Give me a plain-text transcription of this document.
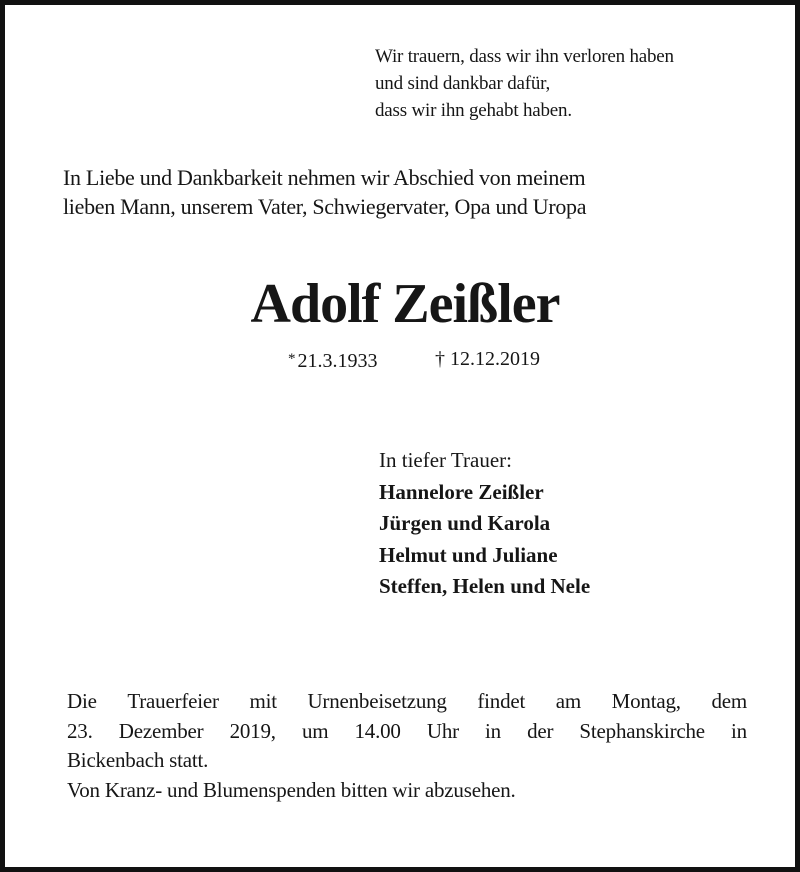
Wir trauern, dass wir ihn verloren haben
und sind dankbar dafür,
dass wir ihn gehabt haben.
In Liebe und Dankbarkeit nehmen wir Abschied von meinem
lieben Mann, unserem Vater, Schwiegervater, Opa und Uropa
Adolf Zeißler
* 21.3.1933	† 12.12.2019
In tiefer Trauer:
Hannelore Zeißler
Jürgen und Karola
Helmut und Juliane
Steffen, Helen und Nele
Die Trauerfeier mit Urnenbeisetzung findet am Montag, dem
23. Dezember 2019, um 14.00 Uhr in der Stephanskirche in
Bickenbach statt.
Von Kranz- und Blumenspenden bitten wir abzusehen.
